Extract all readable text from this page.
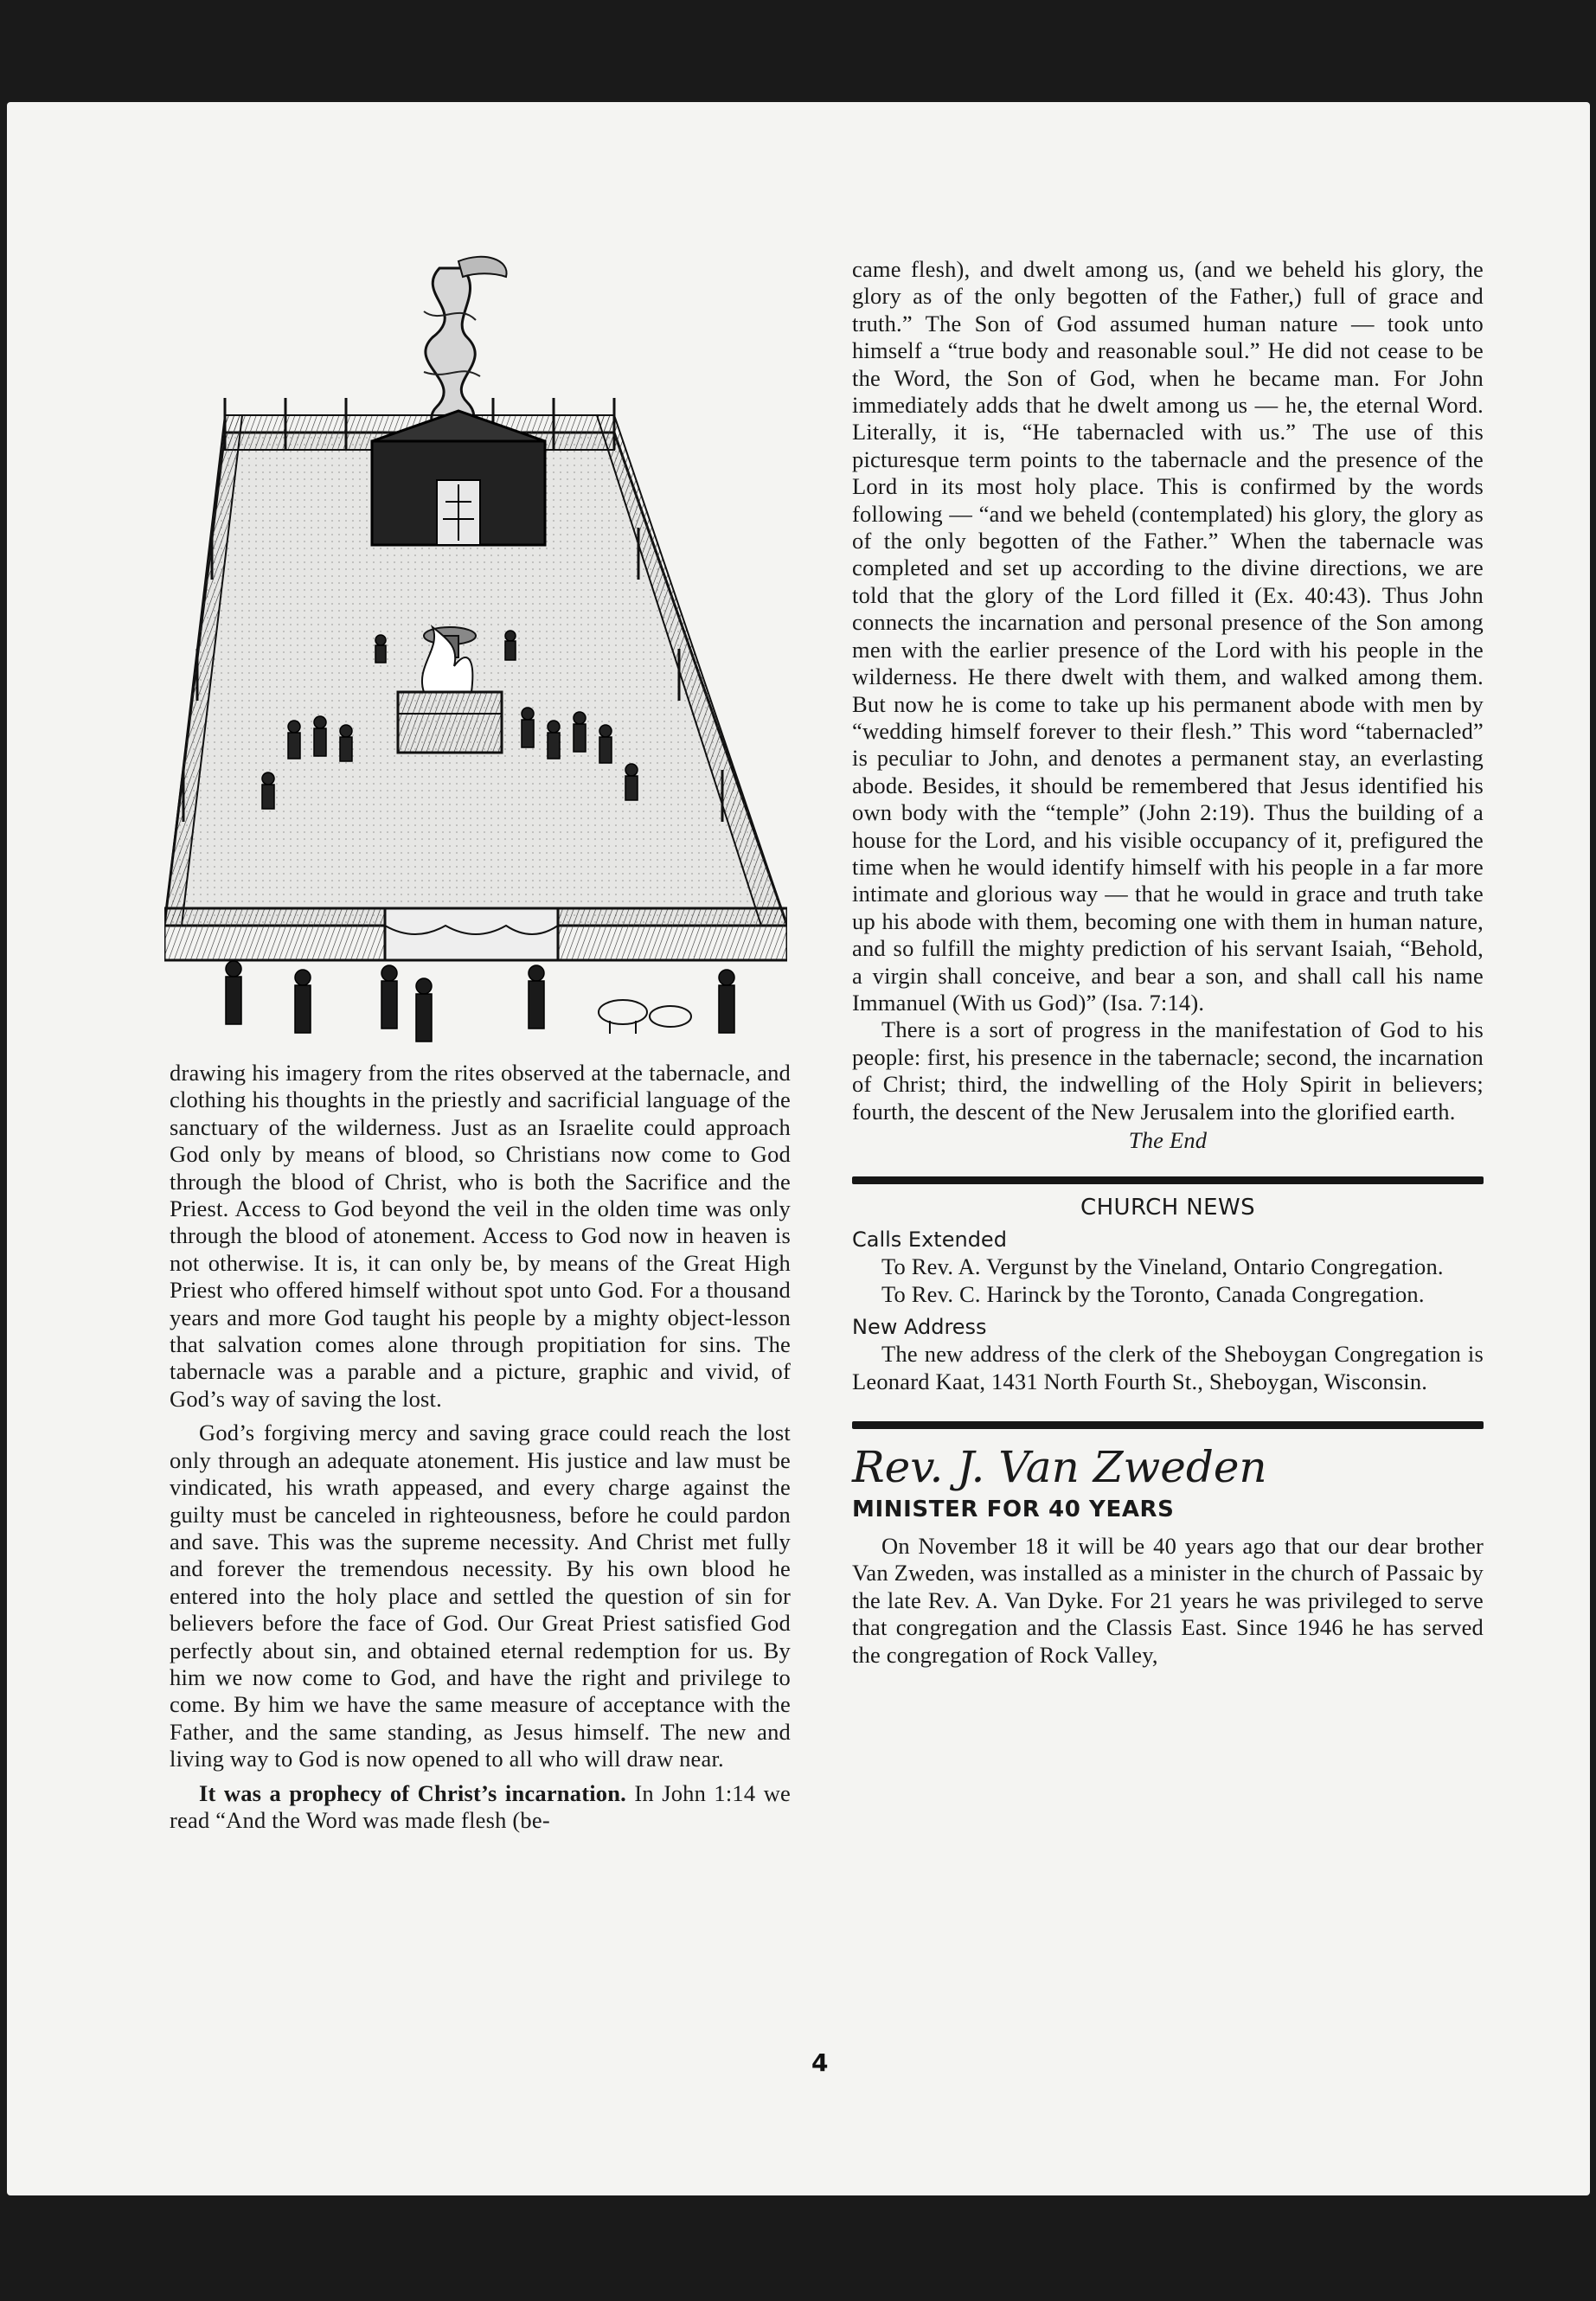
drawing his imagery from the rites observed at the tabernacle, and clothing his thoughts in the priestly and sacrificial language of the sanctuary of the wilderness. Just as an Israelite could approach God only by means of blood, so Christians now come to God through the blood of Christ, who is both the Sacrifice and the Priest. Access to God beyond the veil in the olden time was only through the blood of atonement. Access to God now in heaven is not otherwise. It is, it can only be, by means of the Great High Priest who offered himself without spot unto God. For a thousand years and more God taught his people by a mighty object-lesson that salvation comes alone through propitiation for sins. The tabernacle was a parable and a picture, graphic and vivid, of God’s way of saving the lost.

God’s forgiving mercy and saving grace could reach the lost only through an adequate atonement. His justice and law must be vindicated, his wrath appeased, and every charge against the guilty must be canceled in righteousness, before he could pardon and save. This was the supreme necessity. And Christ met fully and forever the tremendous necessity. By his own blood he entered into the holy place and settled the question of sin for believers before the face of God. Our Great Priest satisfied God perfectly about sin, and obtained eternal redemption for us. By him we now come to God, and have the right and privilege to come. By him we have the same measure of acceptance with the Father, and the same standing, as Jesus himself. The new and living way to God is now opened to all who will draw near.

It was a prophecy of Christ’s incarnation. In John 1:14 we read “And the Word was made flesh (be-

came flesh), and dwelt among us, (and we beheld his glory, the glory as of the only begotten of the Father,) full of grace and truth.” The Son of God assumed human nature — took unto himself a “true body and reasonable soul.” He did not cease to be the Word, the Son of God, when he became man. For John immediately adds that he dwelt among us — he, the eternal Word. Literally, it is, “He tabernacled with us.” The use of this picturesque term points to the tabernacle and the presence of the Lord in its most holy place. This is confirmed by the words following — “and we beheld (contemplated) his glory, the glory as of the only begotten of the Father.” When the tabernacle was completed and set up according to the divine directions, we are told that the glory of the Lord filled it (Ex. 40:43). Thus John connects the incarnation and personal presence of the Son among men with the earlier presence of the Lord with his people in the wilderness. He there dwelt with them, and walked among them. But now he is come to take up his permanent abode with men by “wedding himself forever to their flesh.” This word “tabernacled” is peculiar to John, and denotes a permanent stay, an everlasting abode. Besides, it should be remembered that Jesus identified his own body with the “temple” (John 2:19). Thus the building of a house for the Lord, and his visible occupancy of it, prefigured the time when he would identify himself with his people in a far more intimate and glorious way — that he would in grace and truth take up his abode with them, becoming one with them in human nature, and so fulfill the mighty prediction of his servant Isaiah, “Behold, a virgin shall conceive, and bear a son, and shall call his name Immanuel (With us God)” (Isa. 7:14).

There is a sort of progress in the manifestation of God to his people: first, his presence in the tabernacle; second, the incarnation of Christ; third, the indwelling of the Holy Spirit in believers; fourth, the descent of the New Jerusalem into the glorified earth.

The End

CHURCH NEWS
Calls Extended

To Rev. A. Vergunst by the Vineland, Ontario Congregation.

To Rev. C. Harinck by the Toronto, Canada Congregation.

New Address

The new address of the clerk of the Sheboygan Congregation is Leonard Kaat, 1431 North Fourth St., Sheboygan, Wisconsin.

Rev. J. Van Zweden
MINISTER FOR 40 YEARS

On November 18 it will be 40 years ago that our dear brother Van Zweden, was installed as a minister in the church of Passaic by the late Rev. A. Van Dyke. For 21 years he was privileged to serve that congregation and the Classis East. Since 1946 he has served the congregation of Rock Valley,

4
